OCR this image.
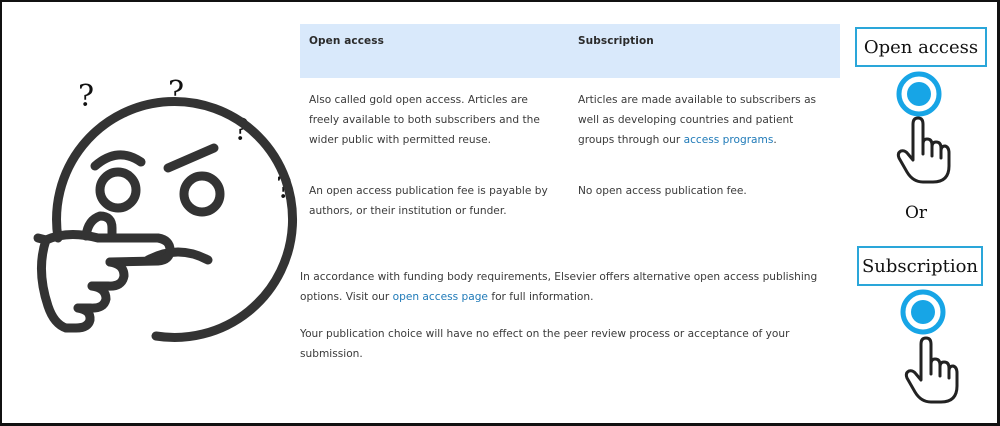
? ?
?
?
Open access	Subscription
Also called gold open access. Articles are freely available to both subscribers and the wider public with permitted reuse.
Articles are made available to subscribers as well as developing countries and patient groups through our access programs.
An open access publication fee is payable by authors, or their institution or funder.
No open access publication fee.
In accordance with funding body requirements, Elsevier offers alternative open access publishing options. Visit our open access page for full information.
Your publication choice will have no effect on the peer review process or acceptance of your submission.
Open access
Or
Subscription
